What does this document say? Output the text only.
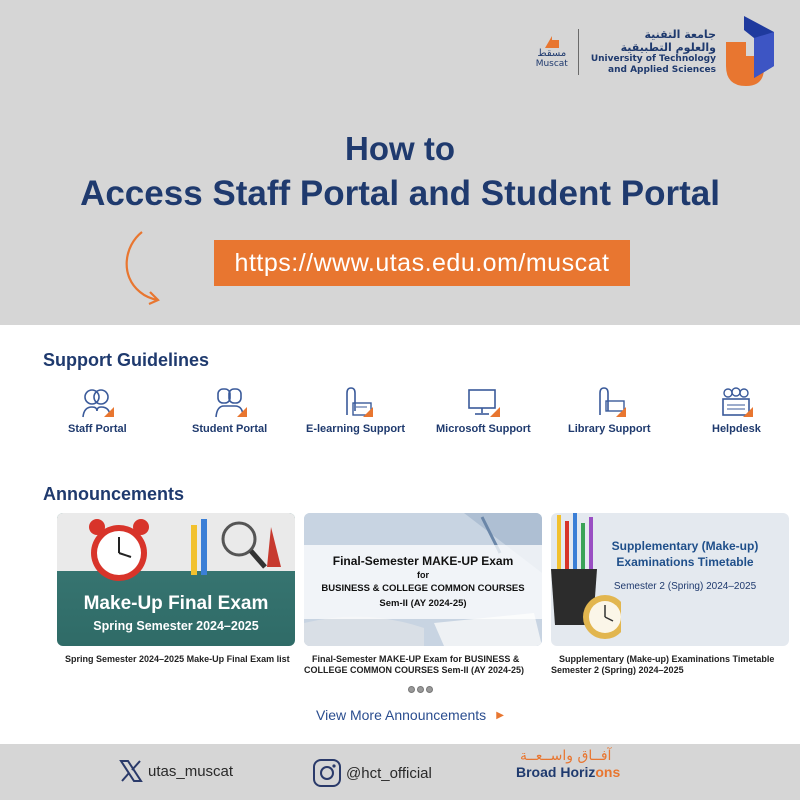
مسقط
Muscat
جامعة التقنية
والعلوم التطبيقية
University of Technology
and Applied Sciences
How to
Access Staff Portal and Student Portal
https://www.utas.edu.om/muscat
Support Guidelines
Staff Portal	Student Portal	E-learning Support	Microsoft Support	Library Support	Helpdesk
Announcements
Make-Up Final Exam
Spring Semester 2024–2025
Spring Semester 2024–2025 Make-Up Final Exam list
Final-Semester MAKE-UP Exam
for
BUSINESS & COLLEGE COMMON COURSES
Sem-II (AY 2024-25)
Final-Semester MAKE-UP Exam for BUSINESS & COLLEGE COMMON COURSES Sem-II (AY 2024-25)
Supplementary (Make-up)
Examinations Timetable
Semester 2 (Spring) 2024–2025
Supplementary (Make-up) Examinations Timetable Semester 2 (Spring) 2024–2025
View More Announcements ▶
utas_muscat	@hct_official
آفــاق واســعــة
Broad Horizons
